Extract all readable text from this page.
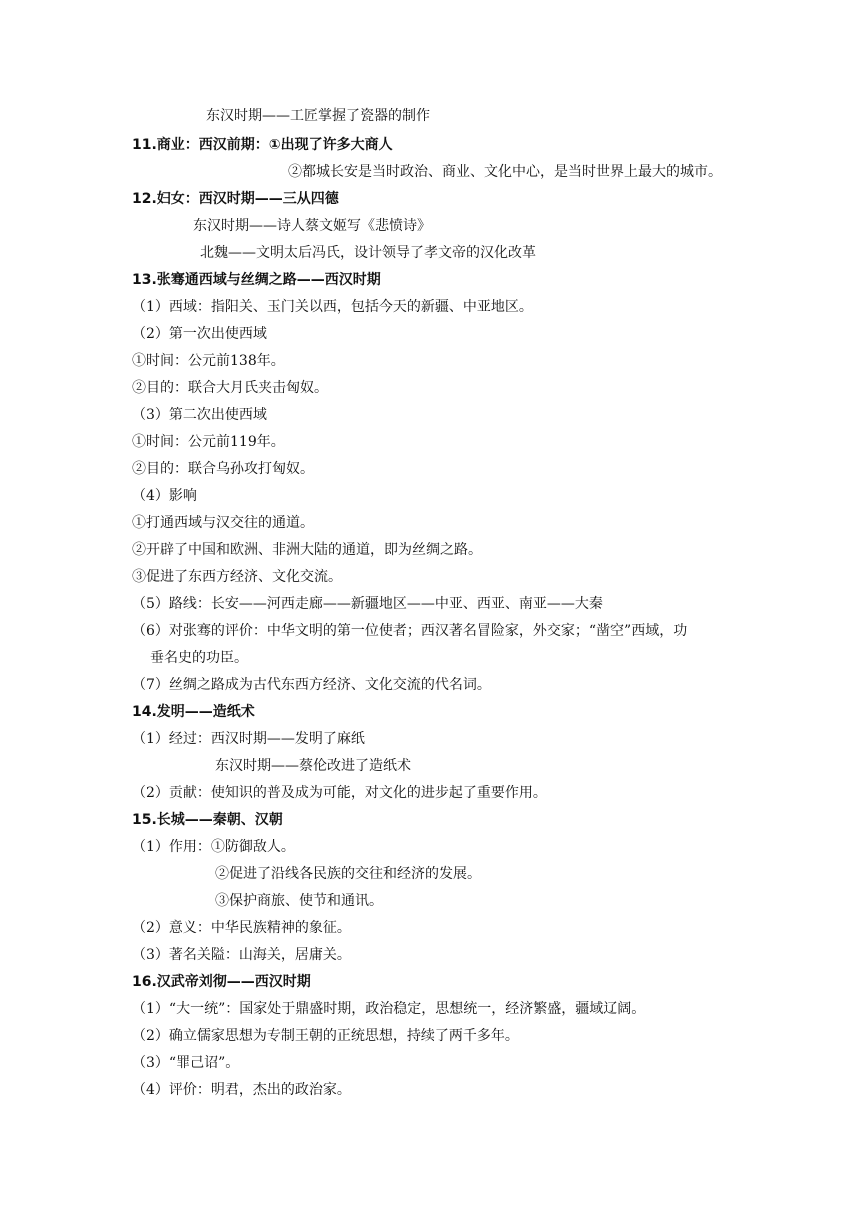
东汉时期——工匠掌握了瓷器的制作
11.商业：西汉前期：①出现了许多大商人
②都城长安是当时政治、商业、文化中心，是当时世界上最大的城市。
12.妇女：西汉时期——三从四德
东汉时期——诗人蔡文姬写《悲愤诗》
北魏——文明太后冯氏，设计领导了孝文帝的汉化改革
13.张骞通西域与丝绸之路——西汉时期
（1）西域：指阳关、玉门关以西，包括今天的新疆、中亚地区。
（2）第一次出使西域
①时间：公元前138年。
②目的：联合大月氏夹击匈奴。
（3）第二次出使西域
①时间：公元前119年。
②目的：联合乌孙攻打匈奴。
（4）影响
①打通西域与汉交往的通道。
②开辟了中国和欧洲、非洲大陆的通道，即为丝绸之路。
③促进了东西方经济、文化交流。
（5）路线：长安——河西走廊——新疆地区——中亚、西亚、南亚——大秦
（6）对张骞的评价：中华文明的第一位使者；西汉著名冒险家，外交家；“凿空”西域，功
垂名史的功臣。
（7）丝绸之路成为古代东西方经济、文化交流的代名词。
14.发明——造纸术
（1）经过：西汉时期——发明了麻纸
东汉时期——蔡伦改进了造纸术
（2）贡献：使知识的普及成为可能，对文化的进步起了重要作用。
15.长城——秦朝、汉朝
（1）作用：①防御敌人。
②促进了沿线各民族的交往和经济的发展。
③保护商旅、使节和通讯。
（2）意义：中华民族精神的象征。
（3）著名关隘：山海关，居庸关。
16.汉武帝刘彻——西汉时期
（1）“大一统”：国家处于鼎盛时期，政治稳定，思想统一，经济繁盛，疆域辽阔。
（2）确立儒家思想为专制王朝的正统思想，持续了两千多年。
（3）“罪己诏”。
（4）评价：明君，杰出的政治家。
